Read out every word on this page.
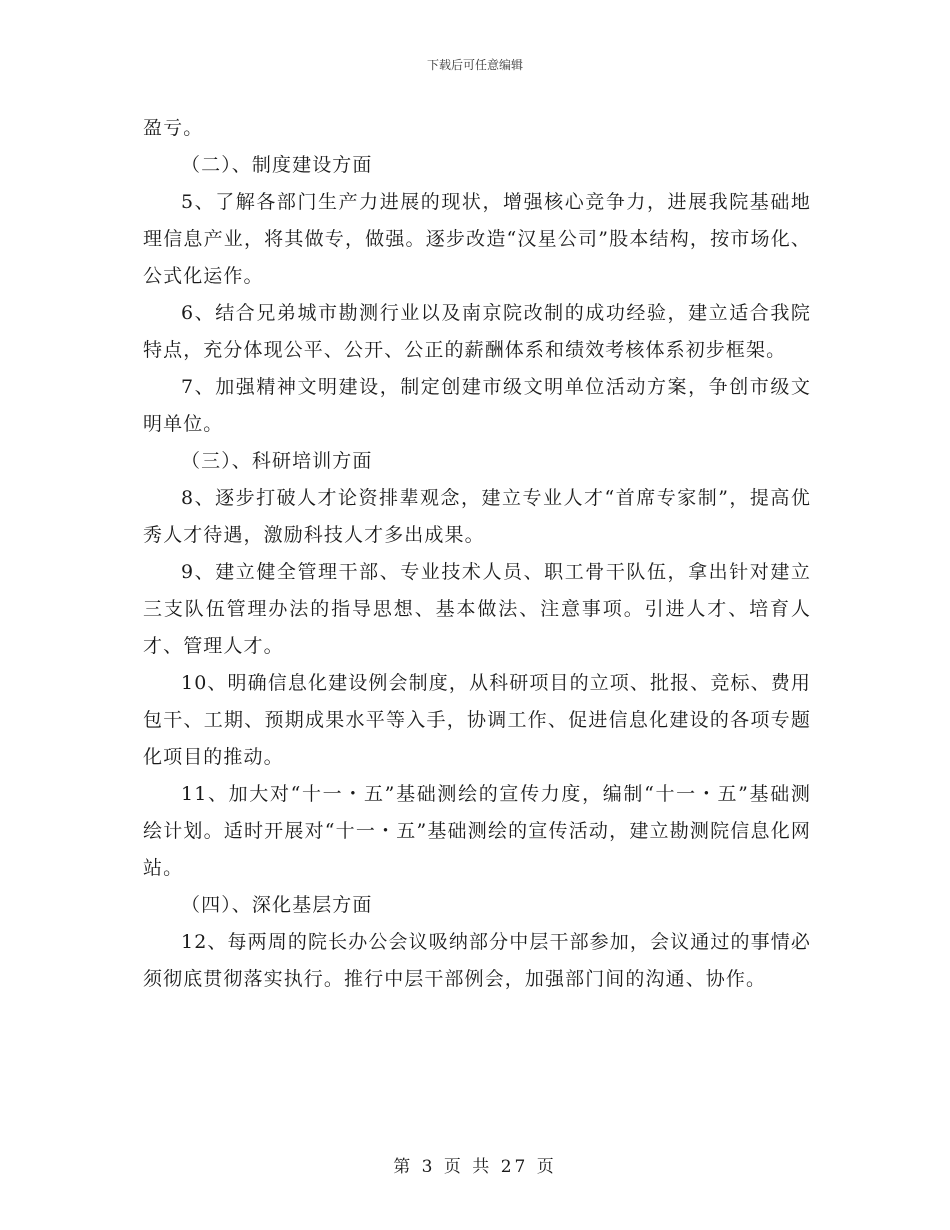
下载后可任意编辑

盈亏。

（二）、制度建设方面

5、了解各部门生产力进展的现状，增强核心竞争力，进展我院基础地理信息产业，将其做专，做强。逐步改造“汉星公司”股本结构，按市场化、公式化运作。

6、结合兄弟城市勘测行业以及南京院改制的成功经验，建立适合我院特点，充分体现公平、公开、公正的薪酬体系和绩效考核体系初步框架。

7、加强精神文明建设，制定创建市级文明单位活动方案，争创市级文明单位。

（三）、科研培训方面

8、逐步打破人才论资排辈观念，建立专业人才“首席专家制”，提高优秀人才待遇，激励科技人才多出成果。

9、建立健全管理干部、专业技术人员、职工骨干队伍，拿出针对建立三支队伍管理办法的指导思想、基本做法、注意事项。引进人才、培育人才、管理人才。

10、明确信息化建设例会制度，从科研项目的立项、批报、竞标、费用包干、工期、预期成果水平等入手，协调工作、促进信息化建设的各项专题化项目的推动。

11、加大对“十一・五”基础测绘的宣传力度，编制“十一・五”基础测绘计划。适时开展对“十一・五”基础测绘的宣传活动，建立勘测院信息化网站。

（四）、深化基层方面

12、每两周的院长办公会议吸纳部分中层干部参加，会议通过的事情必须彻底贯彻落实执行。推行中层干部例会，加强部门间的沟通、协作。

第 3 页 共 27 页
